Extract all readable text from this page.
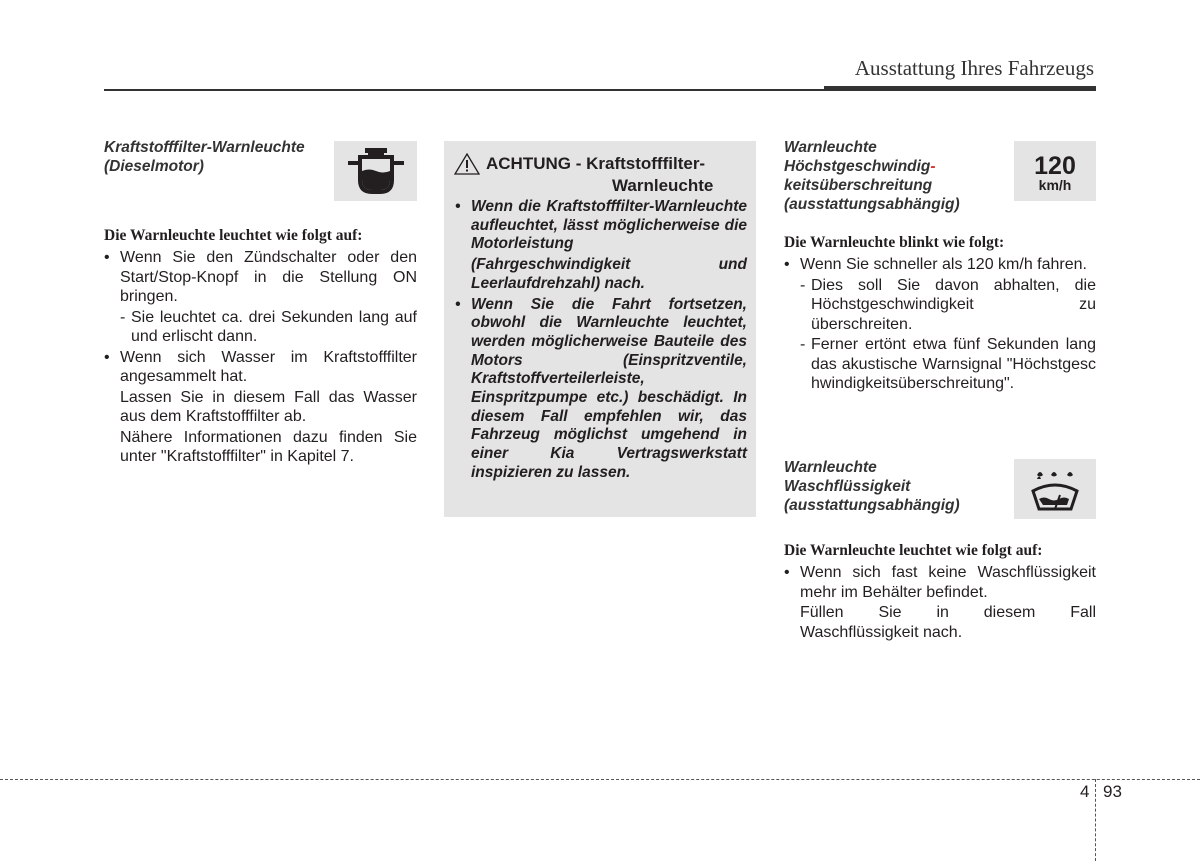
Ausstattung Ihres Fahrzeugs
Kraftstofffilter-Warnleuchte
(Dieselmotor)
Die Warnleuchte leuchtet wie folgt auf:
• Wenn Sie den Zündschalter oder den Start/Stop-Knopf in die Stellung ON bringen.
- Sie leuchtet ca. drei Sekunden lang auf und erlischt dann.
• Wenn sich Wasser im Kraftstofffilter angesammelt hat.
Lassen Sie in diesem Fall das Wasser aus dem Kraftstofffilter ab.
Nähere Informationen dazu finden Sie unter "Kraftstofffilter" in Kapitel 7.
ACHTUNG - Kraftstofffilter-
Warnleuchte
• Wenn die Kraftstofffilter-Warnleuchte aufleuchtet, lässt möglicherweise die Motorleistung
(Fahrgeschwindigkeit und Leerlaufdrehzahl) nach.
• Wenn Sie die Fahrt fortsetzen, obwohl die Warnleuchte leuchtet, werden möglicherweise Bauteile des Motors (Einspritzventile, Kraftstoffverteilerleiste, Einspritzpumpe etc.) beschädigt. In diesem Fall empfehlen wir, das Fahrzeug möglichst umgehend in einer Kia Vertragswerkstatt inspizieren zu lassen.
Warnleuchte
Höchstgeschwindig-
keitsüberschreitung
(ausstattungsabhängig)
Die Warnleuchte blinkt wie folgt:
• Wenn Sie schneller als 120 km/h fahren.
- Dies soll Sie davon abhalten, die Höchstgeschwindigkeit zu überschreiten.
- Ferner ertönt etwa fünf Sekunden lang das akustische Warnsignal "Höchstgeschwindigkeitsüberschreitung".
120
km/h
Warnleuchte
Waschflüssigkeit
(ausstattungsabhängig)
Die Warnleuchte leuchtet wie folgt auf:
• Wenn sich fast keine Waschflüssigkeit mehr im Behälter befindet.
Füllen Sie in diesem Fall Waschflüssigkeit nach.
4 93
